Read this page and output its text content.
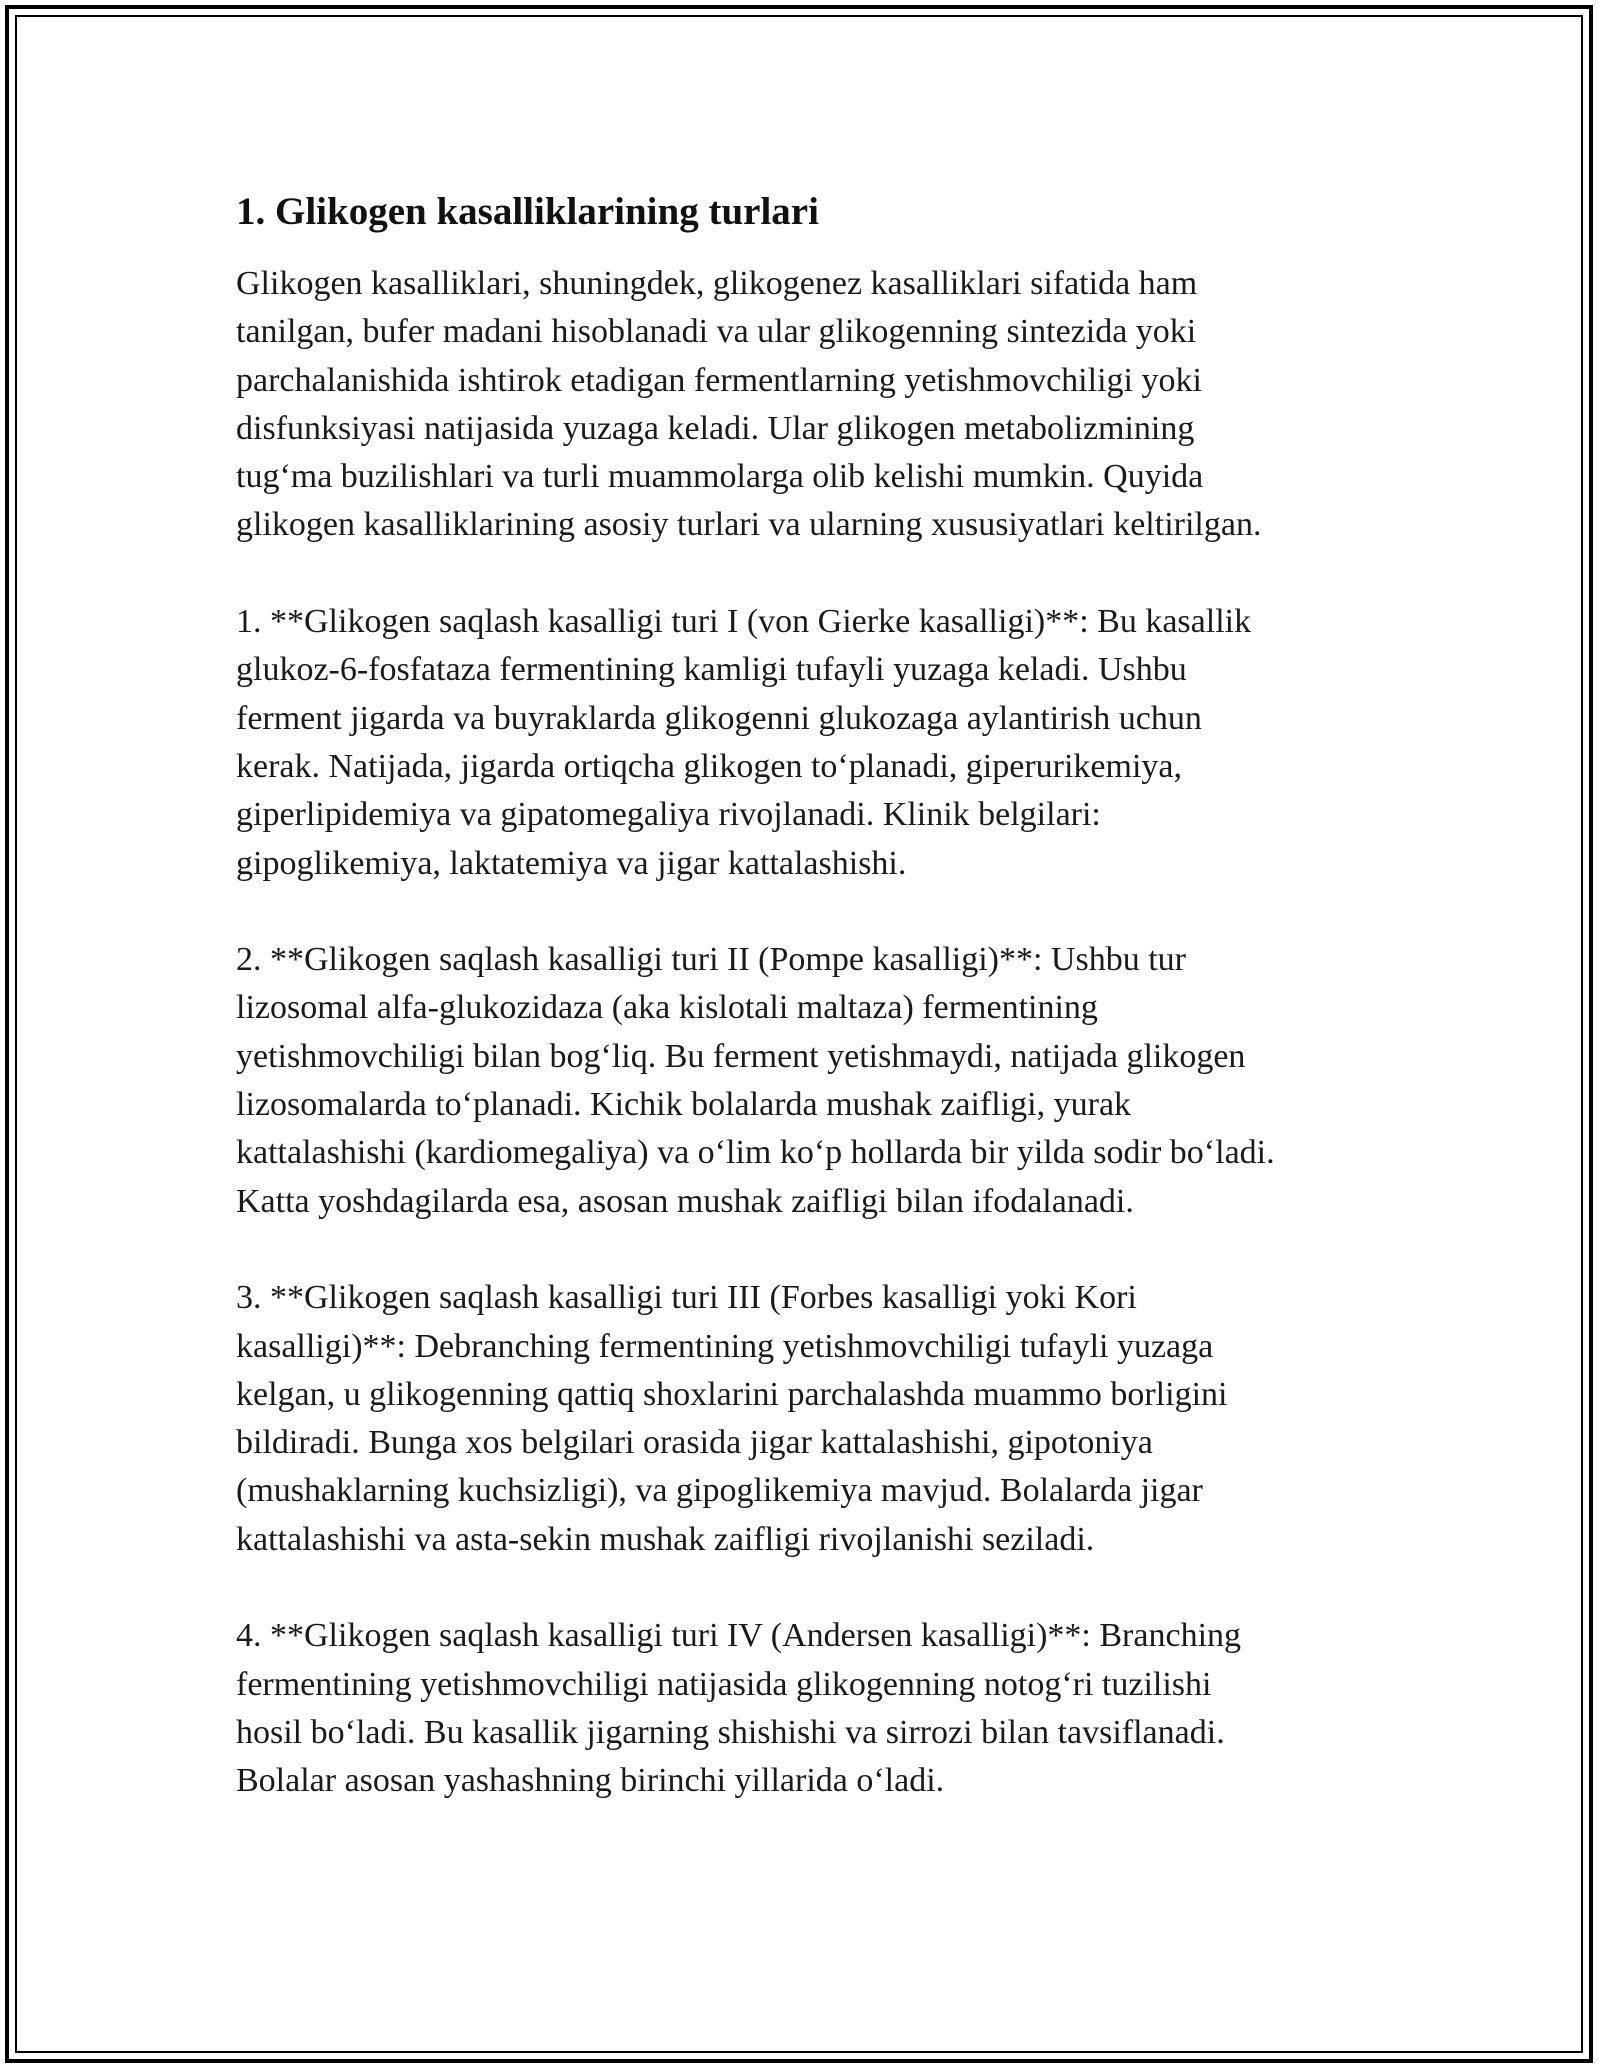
1. Glikogen kasalliklarining turlari

Glikogen kasalliklari, shuningdek, glikogenez kasalliklari sifatida ham
tanilgan, bufer madani hisoblanadi va ular glikogenning sintezida yoki
parchalanishida ishtirok etadigan fermentlarning yetishmovchiligi yoki
disfunksiyasi natijasida yuzaga keladi. Ular glikogen metabolizmining
tug‘ma buzilishlari va turli muammolarga olib kelishi mumkin. Quyida
glikogen kasalliklarining asosiy turlari va ularning xususiyatlari keltirilgan.

1. **Glikogen saqlash kasalligi turi I (von Gierke kasalligi)**: Bu kasallik
glukoz-6-fosfataza fermentining kamligi tufayli yuzaga keladi. Ushbu
ferment jigarda va buyraklarda glikogenni glukozaga aylantirish uchun
kerak. Natijada, jigarda ortiqcha glikogen to‘planadi, giperurikemiya,
giperlipidemiya va gipatomegaliya rivojlanadi. Klinik belgilari:
gipoglikemiya, laktatemiya va jigar kattalashishi.

2. **Glikogen saqlash kasalligi turi II (Pompe kasalligi)**: Ushbu tur
lizosomal alfa-glukozidaza (aka kislotali maltaza) fermentining
yetishmovchiligi bilan bog‘liq. Bu ferment yetishmaydi, natijada glikogen
lizosomalarda to‘planadi. Kichik bolalarda mushak zaifligi, yurak
kattalashishi (kardiomegaliya) va o‘lim ko‘p hollarda bir yilda sodir bo‘ladi.
Katta yoshdagilarda esa, asosan mushak zaifligi bilan ifodalanadi.

3. **Glikogen saqlash kasalligi turi III (Forbes kasalligi yoki Kori
kasalligi)**: Debranching fermentining yetishmovchiligi tufayli yuzaga
kelgan, u glikogenning qattiq shoxlarini parchalashda muammo borligini
bildiradi. Bunga xos belgilari orasida jigar kattalashishi, gipotoniya
(mushaklarning kuchsizligi), va gipoglikemiya mavjud. Bolalarda jigar
kattalashishi va asta-sekin mushak zaifligi rivojlanishi seziladi.

4. **Glikogen saqlash kasalligi turi IV (Andersen kasalligi)**: Branching
fermentining yetishmovchiligi natijasida glikogenning notog‘ri tuzilishi
hosil bo‘ladi. Bu kasallik jigarning shishishi va sirrozi bilan tavsiflanadi.
Bolalar asosan yashashning birinchi yillarida o‘ladi.
